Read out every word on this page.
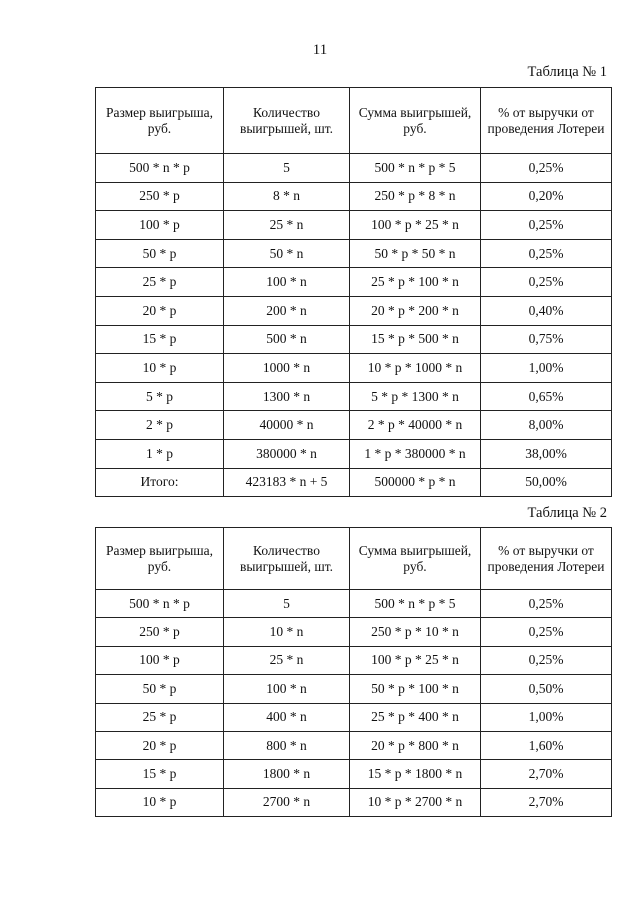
11
Таблица № 1
Размер выигрыша, руб.	Количество выигрышей, шт.	Сумма выигрышей, руб.	% от выручки от проведения Лотереи
500 * n * p	5	500 * n * p * 5	0,25%
250 * p	8 * n	250 * p * 8 * n	0,20%
100 * p	25 * n	100 * p * 25 * n	0,25%
50 * p	50 * n	50 * p * 50 * n	0,25%
25 * p	100 * n	25 * p * 100 * n	0,25%
20 * p	200 * n	20 * p * 200 * n	0,40%
15 * p	500 * n	15 * p * 500 * n	0,75%
10 * p	1000 * n	10 * p * 1000 * n	1,00%
5 * p	1300 * n	5 * p * 1300 * n	0,65%
2 * p	40000 * n	2 * p * 40000 * n	8,00%
1 * p	380000 * n	1 * p * 380000 * n	38,00%
Итого:	423183 * n + 5	500000 * p * n	50,00%
Таблица № 2
Размер выигрыша, руб.	Количество выигрышей, шт.	Сумма выигрышей, руб.	% от выручки от проведения Лотереи
500 * n * p	5	500 * n * p * 5	0,25%
250 * p	10 * n	250 * p * 10 * n	0,25%
100 * p	25 * n	100 * p * 25 * n	0,25%
50 * p	100 * n	50 * p * 100 * n	0,50%
25 * p	400 * n	25 * p * 400 * n	1,00%
20 * p	800 * n	20 * p * 800 * n	1,60%
15 * p	1800 * n	15 * p * 1800 * n	2,70%
10 * p	2700 * n	10 * p * 2700 * n	2,70%
